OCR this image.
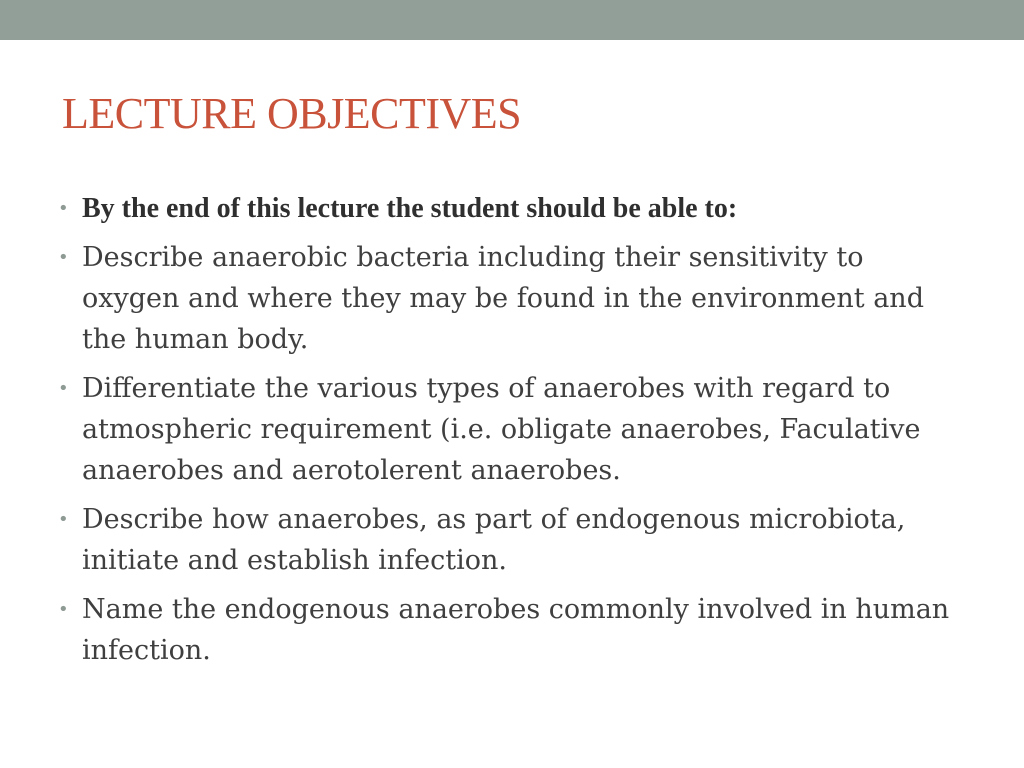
LECTURE OBJECTIVES
• By the end of this lecture the student should be able to:
• Describe anaerobic bacteria including their sensitivity to oxygen and where they may be found in the environment and the human body.
• Differentiate the various types of anaerobes with regard to atmospheric requirement (i.e. obligate anaerobes, Faculative anaerobes and aerotolerent anaerobes.
• Describe how anaerobes, as part of endogenous microbiota, initiate and establish infection.
• Name the endogenous anaerobes commonly involved in human infection.
